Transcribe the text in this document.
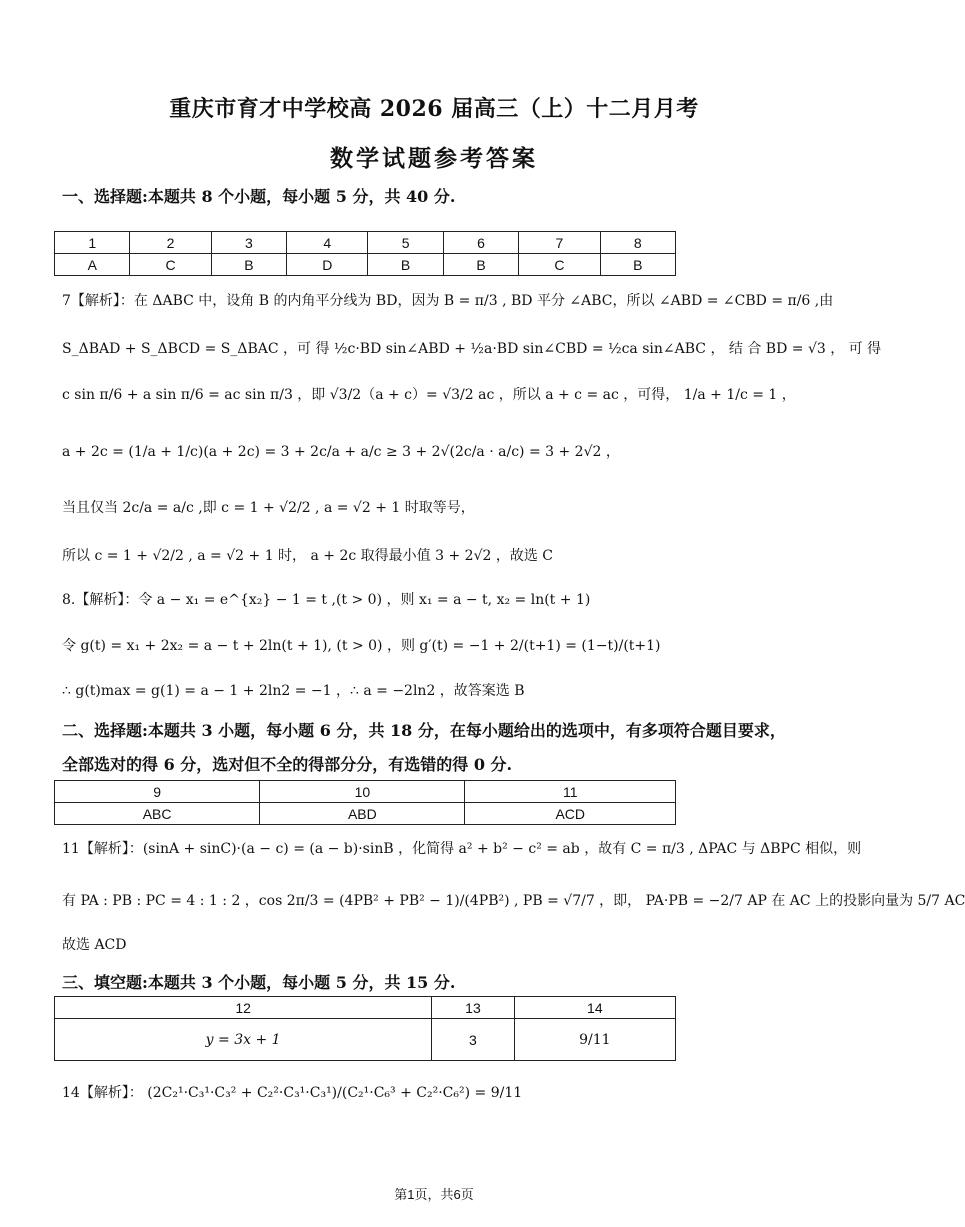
重庆市育才中学校高 2026 届高三（上）十二月月考
数学试题参考答案
一、选择题:本题共 8 个小题，每小题 5 分，共 40 分.
1	2	3	4	5	6	7	8
A	C	B	D	B	B	C	B
7【解析】：在 ΔABC 中，设角 B 的内角平分线为 BD，因为 B = π/3 , BD 平分 ∠ABC，所以 ∠ABD = ∠CBD = π/6 ,由
S_ΔBAD + S_ΔBCD = S_ΔBAC ，可 得 ½c·BD sin∠ABD + ½a·BD sin∠CBD = ½ca sin∠ABC ， 结 合 BD = √3 ， 可 得
c sin π/6 + a sin π/6 = ac sin π/3 ，即 √3/2（a + c）= √3/2 ac ，所以 a + c = ac ，可得， 1/a + 1/c = 1 ，
a + 2c = (1/a + 1/c)(a + 2c) = 3 + 2c/a + a/c ≥ 3 + 2√(2c/a · a/c) = 3 + 2√2 ，
当且仅当 2c/a = a/c ,即 c = 1 + √2/2 , a = √2 + 1 时取等号，
所以 c = 1 + √2/2 , a = √2 + 1 时， a + 2c 取得最小值 3 + 2√2 ，故选 C
8.【解析】：令 a − x₁ = e^{x₂} − 1 = t ,(t > 0) ，则 x₁ = a − t, x₂ = ln(t + 1)
令 g(t) = x₁ + 2x₂ = a − t + 2ln(t + 1), (t > 0) ，则 g′(t) = −1 + 2/(t+1) = (1−t)/(t+1)
∴ g(t)max = g(1) = a − 1 + 2ln2 = −1 ，∴ a = −2ln2 ，故答案选 B
二、选择题:本题共 3 小题，每小题 6 分，共 18 分，在每小题给出的选项中，有多项符合题目要求，
全部选对的得 6 分，选对但不全的得部分分，有选错的得 0 分.
9	10	11
ABC	ABD	ACD
11【解析】：(sinA + sinC)·(a − c) = (a − b)·sinB ，化简得 a² + b² − c² = ab ，故有 C = π/3 , ΔPAC 与 ΔBPC 相似，则
有 PA : PB : PC = 4 : 1 : 2 ，cos 2π/3 = (4PB² + PB² − 1)/(4PB²) , PB = √7/7 ，即， PA·PB = −2/7 AP 在 AC 上的投影向量为 5/7 AC
故选 ACD
三、填空题:本题共 3 个小题，每小题 5 分，共 15 分.
12	13	14
y = 3x + 1	3	9/11
14【解析】： (2C₂¹·C₃¹·C₃² + C₂²·C₃¹·C₃¹)/(C₂¹·C₆³ + C₂²·C₆²) = 9/11
第1页，共6页
